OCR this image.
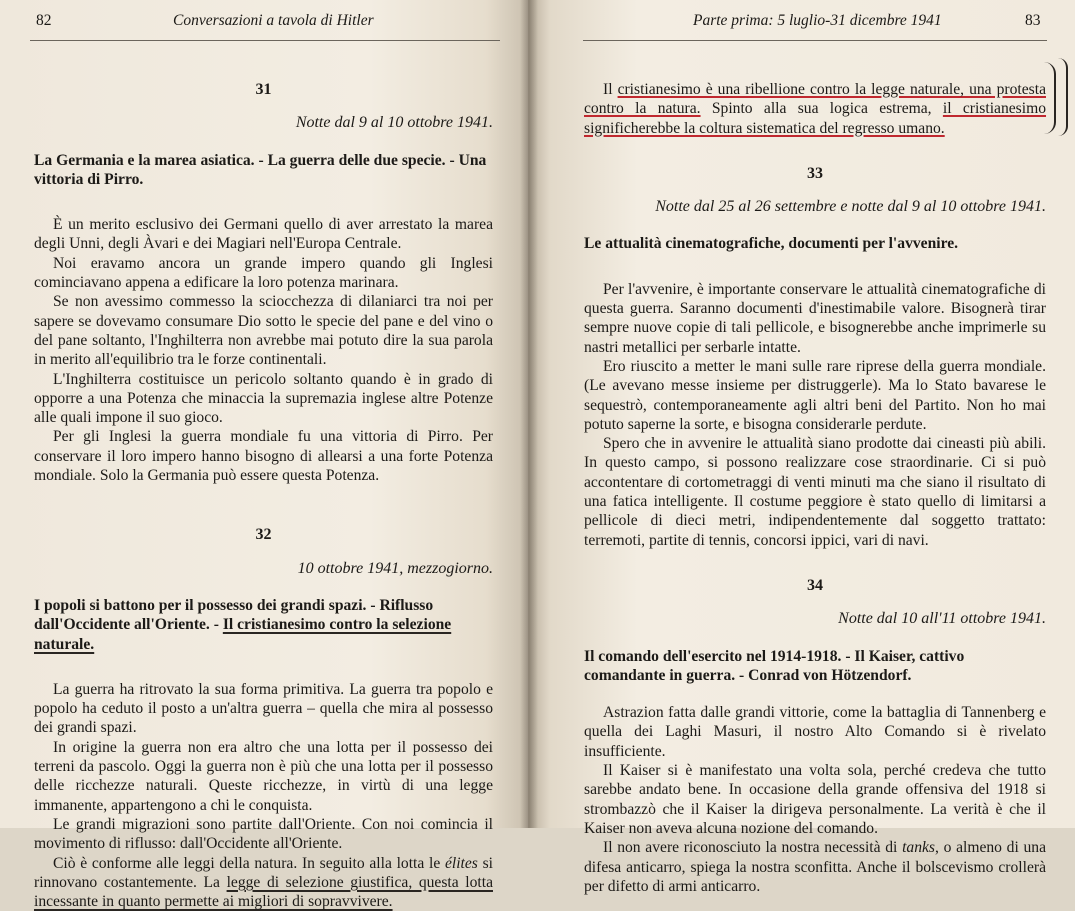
82	Conversazioni a tavola di Hitler

31

Notte dal 9 al 10 ottobre 1941.

La Germania e la marea asiatica. - La guerra delle due specie. - Una vittoria di Pirro.

È un merito esclusivo dei Germani quello di aver arrestato la marea degli Unni, degli Àvari e dei Magiari nell'Europa Centrale.

Noi eravamo ancora un grande impero quando gli Inglesi cominciavano appena a edificare la loro potenza marinara.

Se non avessimo commesso la sciocchezza di dilaniarci tra noi per sapere se dovevamo consumare Dio sotto le specie del pane e del vino o del pane soltanto, l'Inghilterra non avrebbe mai potuto dire la sua parola in merito all'equilibrio tra le forze continentali.

L'Inghilterra costituisce un pericolo soltanto quando è in grado di opporre a una Potenza che minaccia la supremazia inglese altre Potenze alle quali impone il suo gioco.

Per gli Inglesi la guerra mondiale fu una vittoria di Pirro. Per conservare il loro impero hanno bisogno di allearsi a una forte Potenza mondiale. Solo la Germania può essere questa Potenza.

32

10 ottobre 1941, mezzogiorno.

I popoli si battono per il possesso dei grandi spazi. - Riflusso dall'Occidente all'Oriente. - Il cristianesimo contro la selezione naturale.

La guerra ha ritrovato la sua forma primitiva. La guerra tra popolo e popolo ha ceduto il posto a un'altra guerra – quella che mira al possesso dei grandi spazi.

In origine la guerra non era altro che una lotta per il possesso dei terreni da pascolo. Oggi la guerra non è più che una lotta per il possesso delle ricchezze naturali. Queste ricchezze, in virtù di una legge immanente, appartengono a chi le conquista.

Le grandi migrazioni sono partite dall'Oriente. Con noi comincia il movimento di riflusso: dall'Occidente all'Oriente.

Ciò è conforme alle leggi della natura. In seguito alla lotta le élites si rinnovano costantemente. La legge di selezione giustifica, questa lotta incessante in quanto permette ai migliori di sopravvivere.

Parte prima: 5 luglio-31 dicembre 1941	83

Il cristianesimo è una ribellione contro la legge naturale, una protesta contro la natura. Spinto alla sua logica estrema, il cristianesimo significherebbe la coltura sistematica del regresso umano.

33

Notte dal 25 al 26 settembre e notte dal 9 al 10 ottobre 1941.

Le attualità cinematografiche, documenti per l'avvenire.

Per l'avvenire, è importante conservare le attualità cinematografiche di questa guerra. Saranno documenti d'inestimabile valore. Bisognerà tirar sempre nuove copie di tali pellicole, e bisognerebbe anche imprimerle su nastri metallici per serbarle intatte.

Ero riuscito a metter le mani sulle rare riprese della guerra mondiale. (Le avevano messe insieme per distruggerle). Ma lo Stato bavarese le sequestrò, contemporaneamente agli altri beni del Partito. Non ho mai potuto saperne la sorte, e bisogna considerarle perdute.

Spero che in avvenire le attualità siano prodotte dai cineasti più abili. In questo campo, si possono realizzare cose straordinarie. Ci si può accontentare di cortometraggi di venti minuti ma che siano il risultato di una fatica intelligente. Il costume peggiore è stato quello di limitarsi a pellicole di dieci metri, indipendentemente dal soggetto trattato: terremoti, partite di tennis, concorsi ippici, vari di navi.

34

Notte dal 10 all'11 ottobre 1941.

Il comando dell'esercito nel 1914-1918. - Il Kaiser, cattivo comandante in guerra. - Conrad von Hötzendorf.

Astrazion fatta dalle grandi vittorie, come la battaglia di Tannenberg e quella dei Laghi Masuri, il nostro Alto Comando si è rivelato insufficiente.

Il Kaiser si è manifestato una volta sola, perché credeva che tutto sarebbe andato bene. In occasione della grande offensiva del 1918 si strombazzò che il Kaiser la dirigeva personalmente. La verità è che il Kaiser non aveva alcuna nozione del comando.

Il non avere riconosciuto la nostra necessità di tanks, o almeno di una difesa anticarro, spiega la nostra sconfitta. Anche il bolscevismo crollerà per difetto di armi anticarro.
